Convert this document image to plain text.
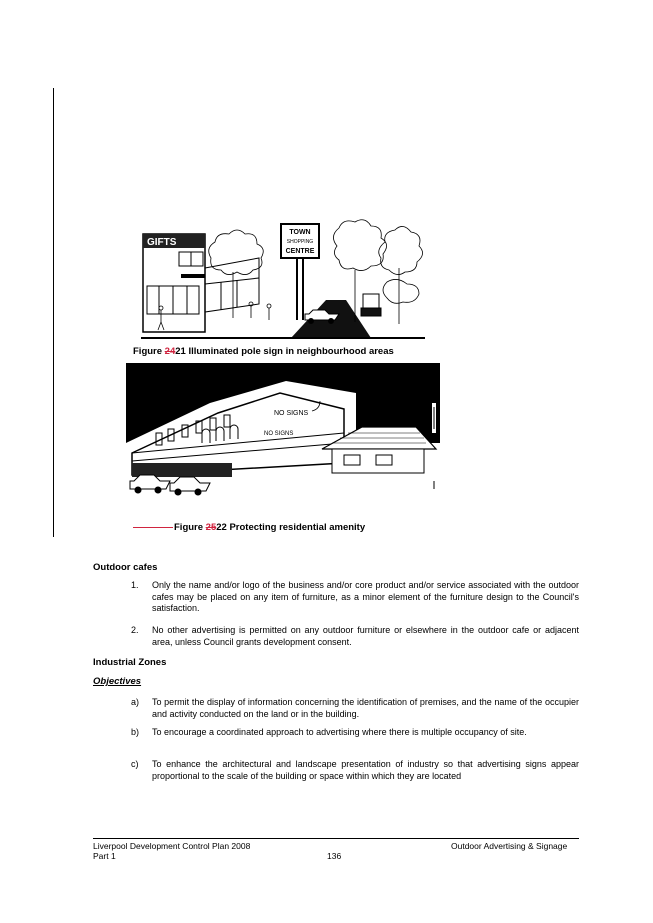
GIFTS
TOWN
SHOPPING
CENTRE
Figure 2421 Illuminated pole sign in neighbourhood areas
NO SIGNS
NO SIGNS
Figure 2522 Protecting residential amenity
Outdoor cafes
1. Only the name and/or logo of the business and/or core product and/or service associated with the outdoor cafes may be placed on any item of furniture, as a minor element of the furniture design to the Council's satisfaction.
2. No other advertising is permitted on any outdoor furniture or elsewhere in the outdoor cafe or adjacent area, unless Council grants development consent.
Industrial Zones
Objectives
a) To permit the display of information concerning the identification of premises, and the name of the occupier and activity conducted on the land or in the building.
b) To encourage a coordinated approach to advertising where there is multiple occupancy of site.
c) To enhance the architectural and landscape presentation of industry so that advertising signs appear proportional to the scale of the building or space within which they are located
Liverpool Development Control Plan 2008
Part 1	136
Outdoor Advertising & Signage
